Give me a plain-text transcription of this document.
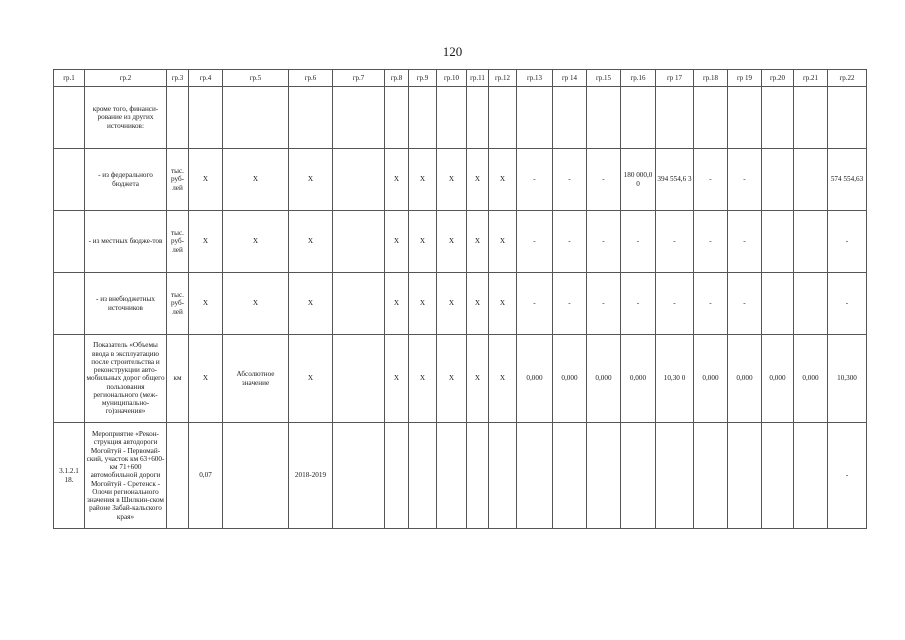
120
гр.1	гр.2	гр.3	гр.4	гр.5	гр.6	гр.7	гр.8	гр.9	гр.10	гр.11	гр.12	гр.13	гр 14	гр.15	гр.16	гр 17	гр.18	гр 19	гр.20	гр.21	гр.22
	кроме того, финанси-рование из других источников:																				
	- из федерального бюджета	тыс. руб-лей	X	X	X		X	X	X	X	X	-	-	-	180 000,0 0	394 554,6 3	-	-			574 554,63
	- из местных бюдже-тов	тыс. руб-лей	X	X	X		X	X	X	X	X	-	-	-	-	-	-	-			-
	- из внебюджетных источников	тыс. руб-лей	X	X	X		X	X	X	X	X	-	-	-	-	-	-	-			-
	Показатель «Объемы ввода в эксплуатацию после строительства и реконструкции авто-мобильных дорог общего пользования регионального (меж-муниципально-го)значения»	км	X	Абсолютное значение	X		X	X	X	X	X	0,000	0,000	0,000	0,000	10,30 0	0,000	0,000	0,000	0,000	10,300
3.1.2.1 18.	Мероприятие «Рекон-струкция автодороги Могойтуй - Первомай-ский, участок км 63+600-км 71+600 автомобильной дороги Могойтуй - Сретенск - Олочи регионального значения в Шилкин-ском районе Забай-кальского края»		0,07		2018-2019																-
